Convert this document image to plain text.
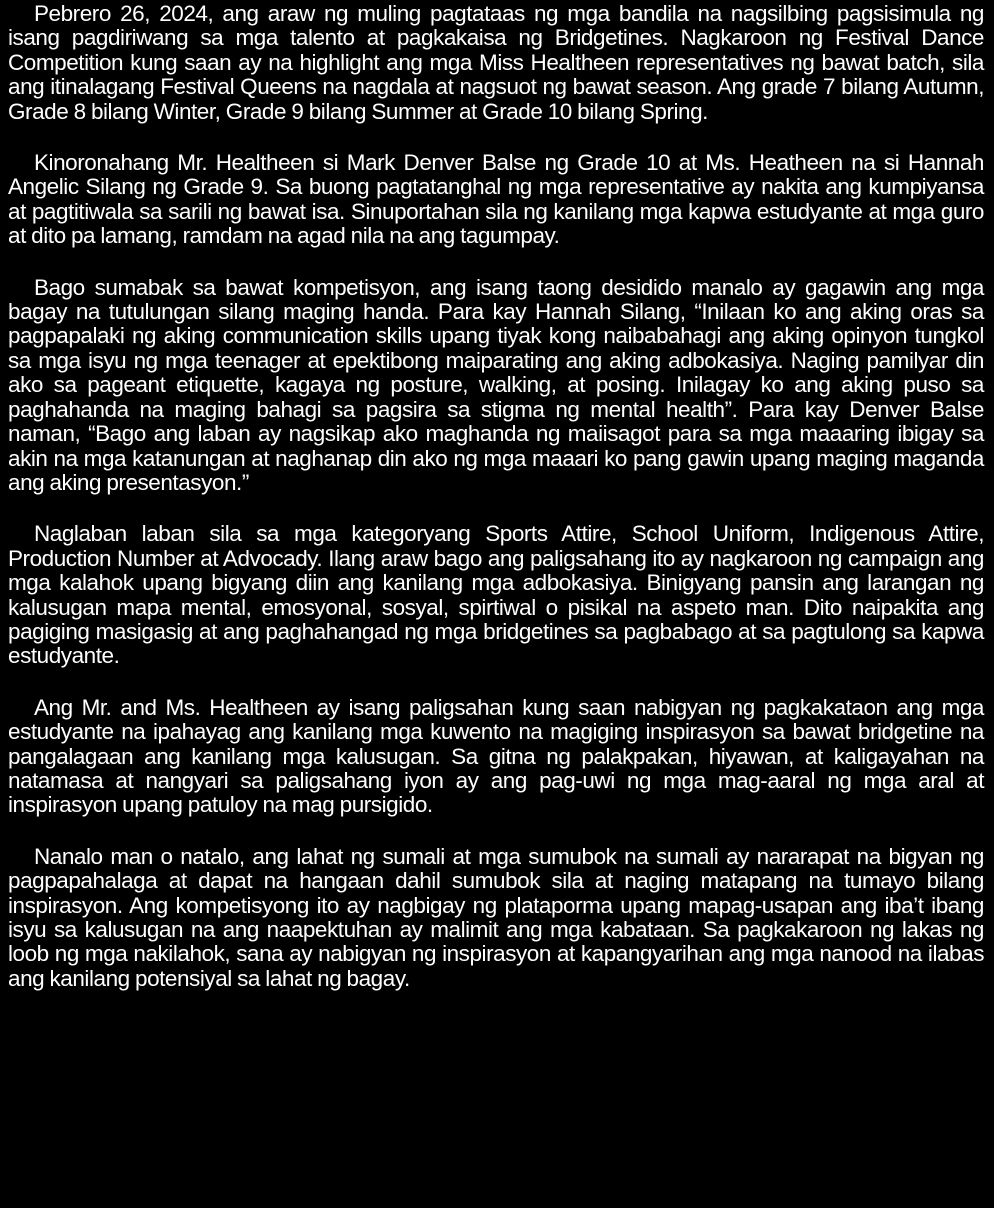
Pebrero 26, 2024, ang araw ng muling pagtataas ng mga bandila na nagsilbing pagsisimula ng isang pagdiriwang sa mga talento at pagkakaisa ng Bridgetines. Nagkaroon ng Festival Dance Competition kung saan ay na highlight ang mga Miss Healtheen representatives ng bawat batch, sila ang itinalagang Festival Queens na nagdala at nagsuot ng bawat season. Ang grade 7 bilang Autumn, Grade 8 bilang Winter, Grade 9 bilang Summer at Grade 10 bilang Spring.

Kinoronahang Mr. Healtheen si Mark Denver Balse ng Grade 10 at Ms. Heatheen na si Hannah Angelic Silang ng Grade 9. Sa buong pagtatanghal ng mga representative ay nakita ang kumpiyansa at pagtitiwala sa sarili ng bawat isa. Sinuportahan sila ng kanilang mga kapwa estudyante at mga guro at dito pa lamang, ramdam na agad nila na ang tagumpay.

Bago sumabak sa bawat kompetisyon, ang isang taong desidido manalo ay gagawin ang mga bagay na tutulungan silang maging handa. Para kay Hannah Silang, “Inilaan ko ang aking oras sa pagpapalaki ng aking communication skills upang tiyak kong naibabahagi ang aking opinyon tungkol sa mga isyu ng mga teenager at epektibong maiparating ang aking adbokasiya. Naging pamilyar din ako sa pageant etiquette, kagaya ng posture, walking, at posing. Inilagay ko ang aking puso sa paghahanda na maging bahagi sa pagsira sa stigma ng mental health”. Para kay Denver Balse naman, “Bago ang laban ay nagsikap ako maghanda ng maiisagot para sa mga maaaring ibigay sa akin na mga katanungan at naghanap din ako ng mga maaari ko pang gawin upang maging maganda ang aking presentasyon.”

Naglaban laban sila sa mga kategoryang Sports Attire, School Uniform, Indigenous Attire, Production Number at Advocady. Ilang araw bago ang paligsahang ito ay nagkaroon ng campaign ang mga kalahok upang bigyang diin ang kanilang mga adbokasiya. Binigyang pansin ang larangan ng kalusugan mapa mental, emosyonal, sosyal, spirtiwal o pisikal na aspeto man. Dito naipakita ang pagiging masigasig at ang paghahangad ng mga bridgetines sa pagbabago at sa pagtulong sa kapwa estudyante.

Ang Mr. and Ms. Healtheen ay isang paligsahan kung saan nabigyan ng pagkakataon ang mga estudyante na ipahayag ang kanilang mga kuwento na magiging inspirasyon sa bawat bridgetine na pangalagaan ang kanilang mga kalusugan. Sa gitna ng palakpakan, hiyawan, at kaligayahan na natamasa at nangyari sa paligsahang iyon ay ang pag-uwi ng mga mag-aaral ng mga aral at inspirasyon upang patuloy na mag pursigido.

Nanalo man o natalo, ang lahat ng sumali at mga sumubok na sumali ay nararapat na bigyan ng pagpapahalaga at dapat na hangaan dahil sumubok sila at naging matapang na tumayo bilang inspirasyon. Ang kompetisyong ito ay nagbigay ng plataporma upang mapag-usapan ang iba’t ibang isyu sa kalusugan na ang naapektuhan ay malimit ang mga kabataan. Sa pagkakaroon ng lakas ng loob ng mga nakilahok, sana ay nabigyan ng inspirasyon at kapangyarihan ang mga nanood na ilabas ang kanilang potensiyal sa lahat ng bagay.
